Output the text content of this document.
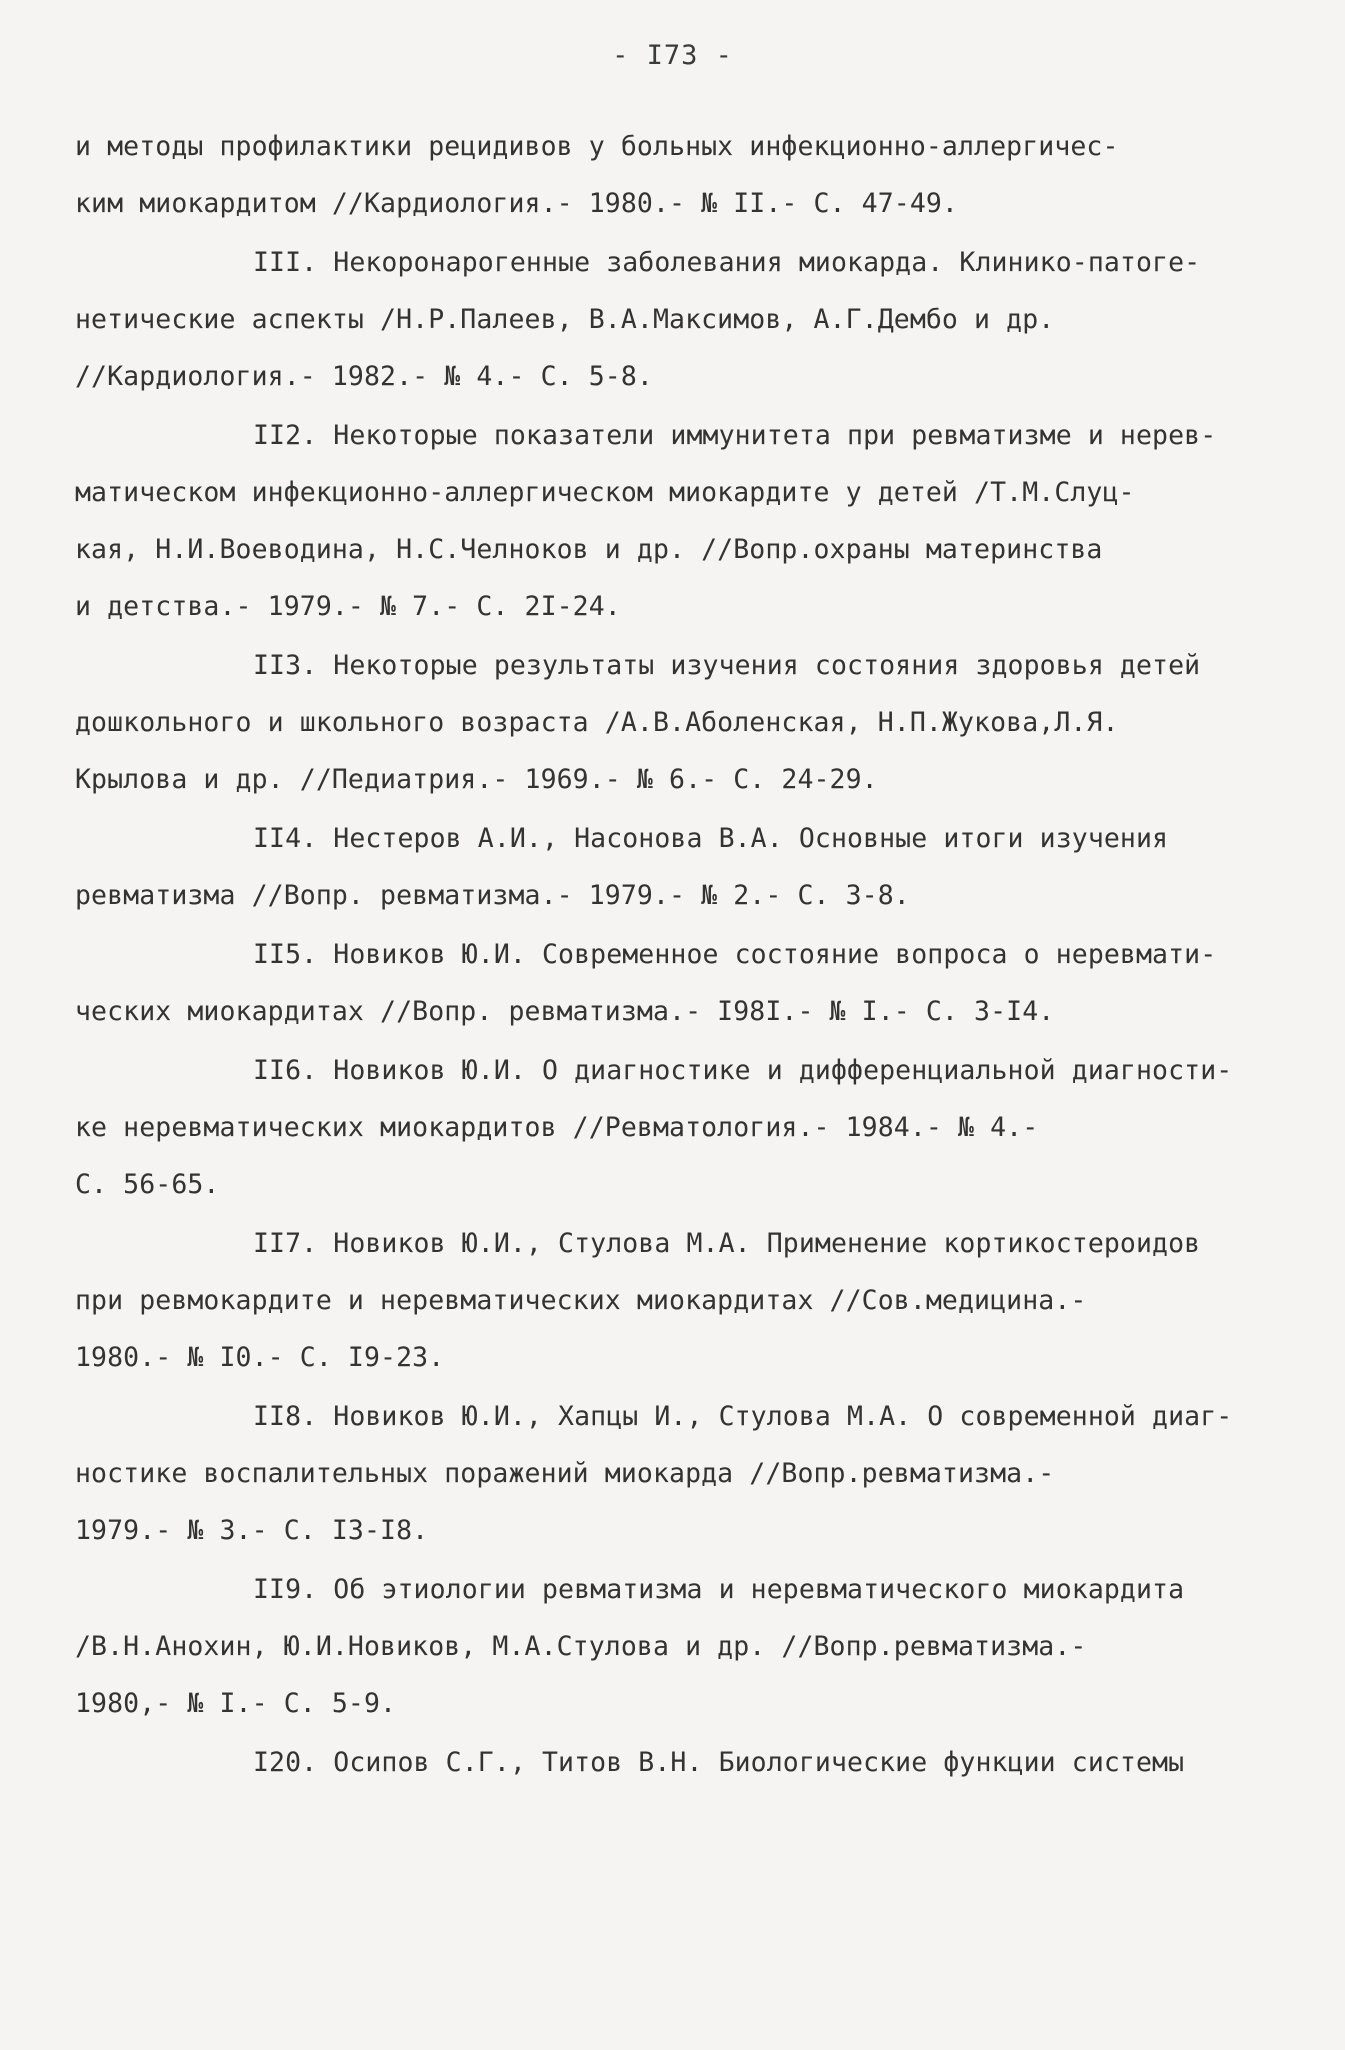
- I73 -
и методы профилактики рецидивов у больных инфекционно-аллергичес-
ким миокардитом //Кардиология.- 1980.- № II.- С. 47-49.
III. Некоронарогенные заболевания миокарда. Клинико-патоге-
нетические аспекты /Н.Р.Палеев, В.А.Максимов, А.Г.Дембо и др.
//Кардиология.- 1982.- № 4.- С. 5-8.
II2. Некоторые показатели иммунитета при ревматизме и нерев-
матическом инфекционно-аллергическом миокардите у детей /Т.М.Слуц-
кая, Н.И.Воеводина, Н.С.Челноков и др. //Вопр.охраны материнства
и детства.- 1979.- № 7.- С. 2I-24.
II3. Некоторые результаты изучения состояния здоровья детей
дошкольного и школьного возраста /А.В.Аболенская, Н.П.Жукова,Л.Я.
Крылова и др. //Педиатрия.- 1969.- № 6.- С. 24-29.
II4. Нестеров А.И., Насонова В.А. Основные итоги изучения
ревматизма //Вопр. ревматизма.- 1979.- № 2.- С. 3-8.
II5. Новиков Ю.И. Современное состояние вопроса о неревмати-
ческих миокардитах //Вопр. ревматизма.- I98I.- № I.- С. 3-I4.
II6. Новиков Ю.И. О диагностике и дифференциальной диагности-
ке неревматических миокардитов //Ревматология.- 1984.- № 4.-
С. 56-65.
II7. Новиков Ю.И., Стулова М.А. Применение кортикостероидов
при ревмокардите и неревматических миокардитах //Сов.медицина.-
1980.- № I0.- С. I9-23.
II8. Новиков Ю.И., Хапцы И., Стулова М.А. О современной диаг-
ностике воспалительных поражений миокарда //Вопр.ревматизма.-
1979.- № 3.- С. I3-I8.
II9. Об этиологии ревматизма и неревматического миокардита
/В.Н.Анохин, Ю.И.Новиков, М.А.Стулова и др. //Вопр.ревматизма.-
1980,- № I.- С. 5-9.
I20. Осипов С.Г., Титов В.Н. Биологические функции системы
